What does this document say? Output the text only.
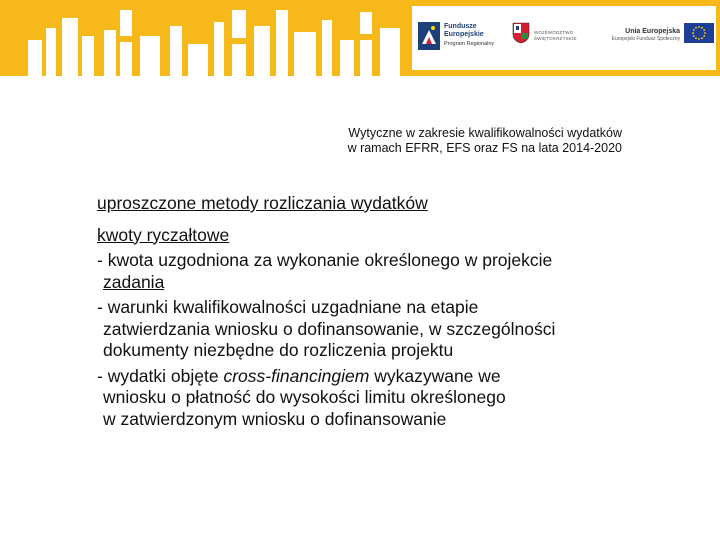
Fundusze
Europejskie
Program Regionalny
WOJEWÓDZTWO
ŚWIĘTOKRZYSKIE
Unia Europejska
Europejski Fundusz Społeczny
Wytyczne w zakresie kwalifikowalności wydatków
w ramach EFRR, EFS oraz FS na lata 2014-2020
uproszczone metody rozliczania wydatków
kwoty ryczałtowe
- kwota uzgodniona za wykonanie określonego w projekcie
zadania
- warunki kwalifikowalności uzgadniane na etapie
zatwierdzania wniosku o dofinansowanie, w szczególności
dokumenty niezbędne do rozliczenia projektu
- wydatki objęte cross-financingiem wykazywane we
wniosku o płatność do wysokości limitu określonego
w zatwierdzonym wniosku o dofinansowanie
